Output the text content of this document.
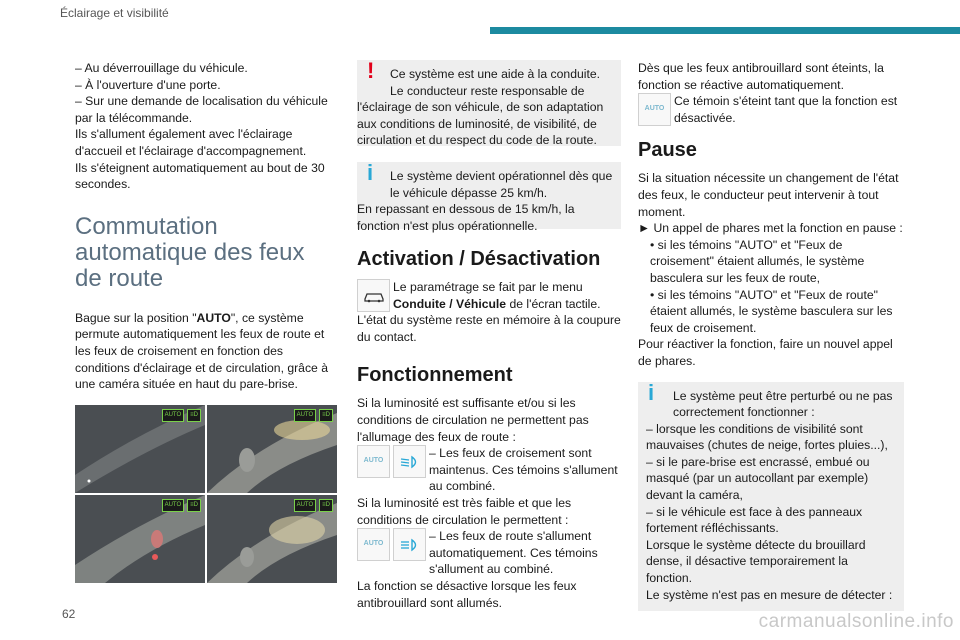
Éclairage et visibilité

– Au déverrouillage du véhicule.

– À l'ouverture d'une porte.

– Sur une demande de localisation du véhicule par la télécommande.

Ils s'allument également avec l'éclairage d'accueil et l'éclairage d'accompagnement.

Ils s'éteignent automatiquement au bout de 30 secondes.

Commutation automatique des feux de route

Bague sur la position "AUTO", ce système permute automatiquement les feux de route et les feux de croisement en fonction des conditions d'éclairage et de circulation, grâce à une caméra située en haut du pare-brise.

AUTO	≡D	AUTO	≡D
AUTO	≡D	AUTO	≡D
!	Ce système est une aide à la conduite.

Le conducteur reste responsable de l'éclairage de son véhicule, de son adaptation aux conditions de luminosité, de visibilité, de circulation et du respect du code de la route.

i	Le système devient opérationnel dès que le véhicule dépasse 25 km/h.

En repassant en dessous de 15 km/h, la fonction n'est plus opérationnelle.

Activation / Désactivation

Le paramétrage se fait par le menu Conduite / Véhicule de l'écran tactile.

L'état du système reste en mémoire à la coupure du contact.

Fonctionnement

Si la luminosité est suffisante et/ou si les conditions de circulation ne permettent pas l'allumage des feux de route :

AUTO

– Les feux de croisement sont maintenus. Ces témoins s'allument au combiné.

Si la luminosité est très faible et que les conditions de circulation le permettent :

AUTO

– Les feux de route s'allument automatiquement. Ces témoins s'allument au combiné.

La fonction se désactive lorsque les feux antibrouillard sont allumés.

Dès que les feux antibrouillard sont éteints, la fonction se réactive automatiquement.

AUTO

Ce témoin s'éteint tant que la fonction est désactivée.

Pause

Si la situation nécessite un changement de l'état des feux, le conducteur peut intervenir à tout moment.

► Un appel de phares met la fonction en pause :

• si les témoins "AUTO" et "Feux de croisement" étaient allumés, le système basculera sur les feux de route,

• si les témoins "AUTO" et "Feux de route" étaient allumés, le système basculera sur les feux de croisement.

Pour réactiver la fonction, faire un nouvel appel de phares.

i	Le système peut être perturbé ou ne pas correctement fonctionner :

– lorsque les conditions de visibilité sont mauvaises (chutes de neige, fortes pluies...),

– si le pare-brise est encrassé, embué ou masqué (par un autocollant par exemple) devant la caméra,

– si le véhicule est face à des panneaux fortement réfléchissants.

Lorsque le système détecte du brouillard dense, il désactive temporairement la fonction.

Le système n'est pas en mesure de détecter :

62	carmanualsonline.info
